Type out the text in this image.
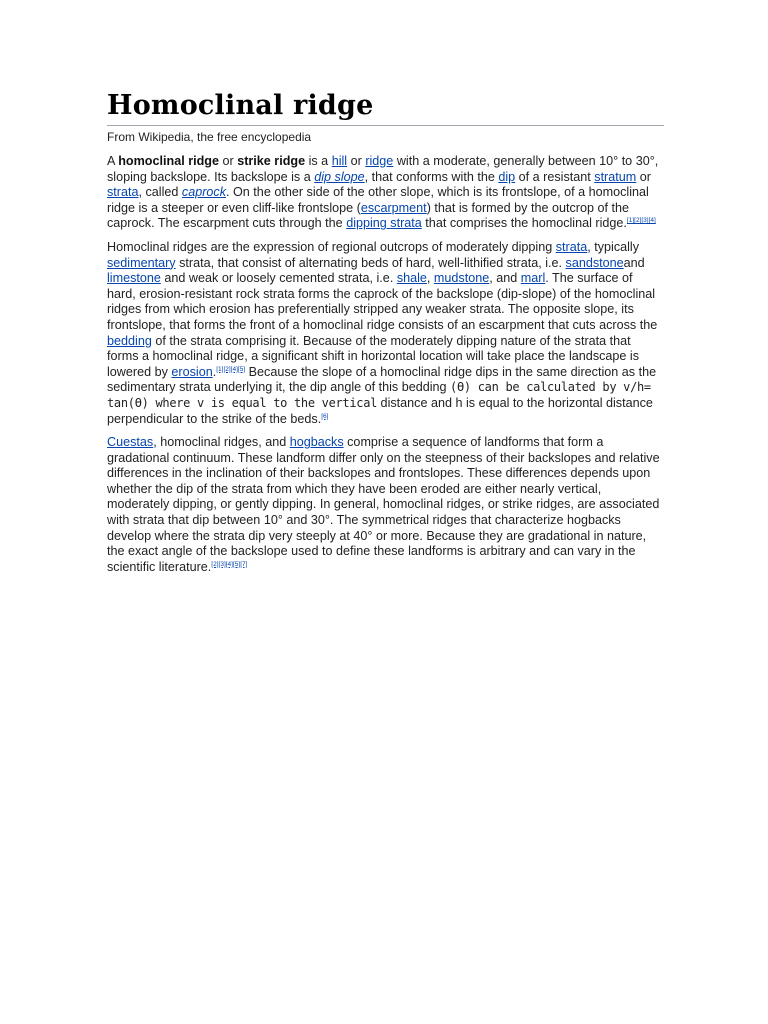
Homoclinal ridge
From Wikipedia, the free encyclopedia

A homoclinal ridge or strike ridge is a hill or ridge with a moderate, generally between 10° to 30°, sloping backslope. Its backslope is a dip slope, that conforms with the dip of a resistant stratum or strata, called caprock. On the other side of the other slope, which is its frontslope, of a homoclinal ridge is a steeper or even cliff-like frontslope (escarpment) that is formed by the outcrop of the caprock. The escarpment cuts through the dipping strata that comprises the homoclinal ridge.[1][2][3][4]

Homoclinal ridges are the expression of regional outcrops of moderately dipping strata, typically sedimentary strata, that consist of alternating beds of hard, well-lithified strata, i.e. sandstoneand limestone and weak or loosely cemented strata, i.e. shale, mudstone, and marl. The surface of hard, erosion-resistant rock strata forms the caprock of the backslope (dip-slope) of the homoclinal ridges from which erosion has preferentially stripped any weaker strata. The opposite slope, its frontslope, that forms the front of a homoclinal ridge consists of an escarpment that cuts across the bedding of the strata comprising it. Because of the moderately dipping nature of the strata that forms a homoclinal ridge, a significant shift in horizontal location will take place the landscape is lowered by erosion.[1][2][4][5] Because the slope of a homoclinal ridge dips in the same direction as the sedimentary strata underlying it, the dip angle of this bedding (ϴ) can be calculated by v/h= tan(ϴ) where v is equal to the vertical distance and h is equal to the horizontal distance perpendicular to the strike of the beds.[6]

Cuestas, homoclinal ridges, and hogbacks comprise a sequence of landforms that form a gradational continuum. These landform differ only on the steepness of their backslopes and relative differences in the inclination of their backslopes and frontslopes. These differences depends upon whether the dip of the strata from which they have been eroded are either nearly vertical, moderately dipping, or gently dipping. In general, homoclinal ridges, or strike ridges, are associated with strata that dip between 10° and 30°. The symmetrical ridges that characterize hogbacks develop where the strata dip very steeply at 40° or more. Because they are gradational in nature, the exact angle of the backslope used to define these landforms is arbitrary and can vary in the scientific literature.[2][3][4][5][7]
